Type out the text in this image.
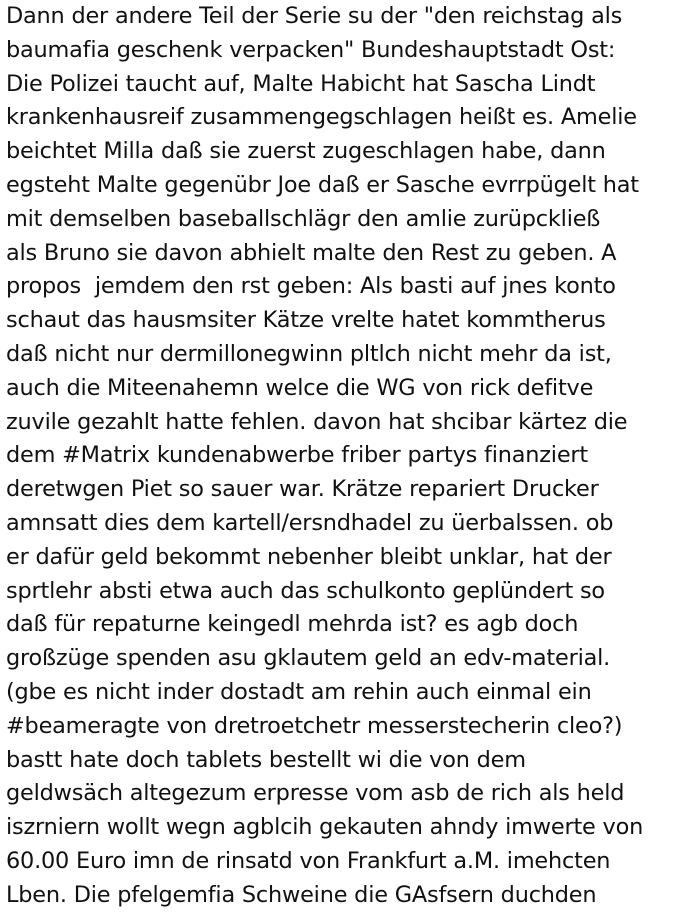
Dann der andere Teil der Serie su der "den reichstag als
baumafia geschenk verpacken" Bundeshauptstadt Ost:
Die Polizei taucht auf, Malte Habicht hat Sascha Lindt
krankenhausreif zusammengegschlagen heißt es. Amelie
beichtet Milla daß sie zuerst zugeschlagen habe, dann
egsteht Malte gegenübr Joe daß er Sasche evrrpügelt hat
mit demselben baseballschlägr den amlie zurüpckließ
als Bruno sie davon abhielt malte den Rest zu geben. A
propos  jemdem den rst geben: Als basti auf jnes konto
schaut das hausmsiter Kätze vrelte hatet kommtherus
daß nicht nur dermillonegwinn pltlch nicht mehr da ist,
auch die Miteenahemn welce die WG von rick defitve
zuvile gezahlt hatte fehlen. davon hat shcibar kärtez die
dem #Matrix kundenabwerbe friber partys finanziert
deretwgen Piet so sauer war. Krätze repariert Drucker
amnsatt dies dem kartell/ersndhadel zu üerbalssen. ob
er dafür geld bekommt nebenher bleibt unklar, hat der
sprtlehr absti etwa auch das schulkonto geplündert so
daß für repaturne keingedl mehrda ist? es agb doch
großzüge spenden asu gklautem geld an edv-material.
(gbe es nicht inder dostadt am rehin auch einmal ein
#beameragte von dretroetchetr messerstecherin cleo?)
bastt hate doch tablets bestellt wi die von dem
geldwsäch altegezum erpresse vom asb de rich als held
iszrniern wollt wegn agblcih gekauten ahndy imwerte von
60.00 Euro imn de rinsatd von Frankfurt a.M. imehcten
Lben. Die pfelgemfia Schweine die GAsfsern duchden
